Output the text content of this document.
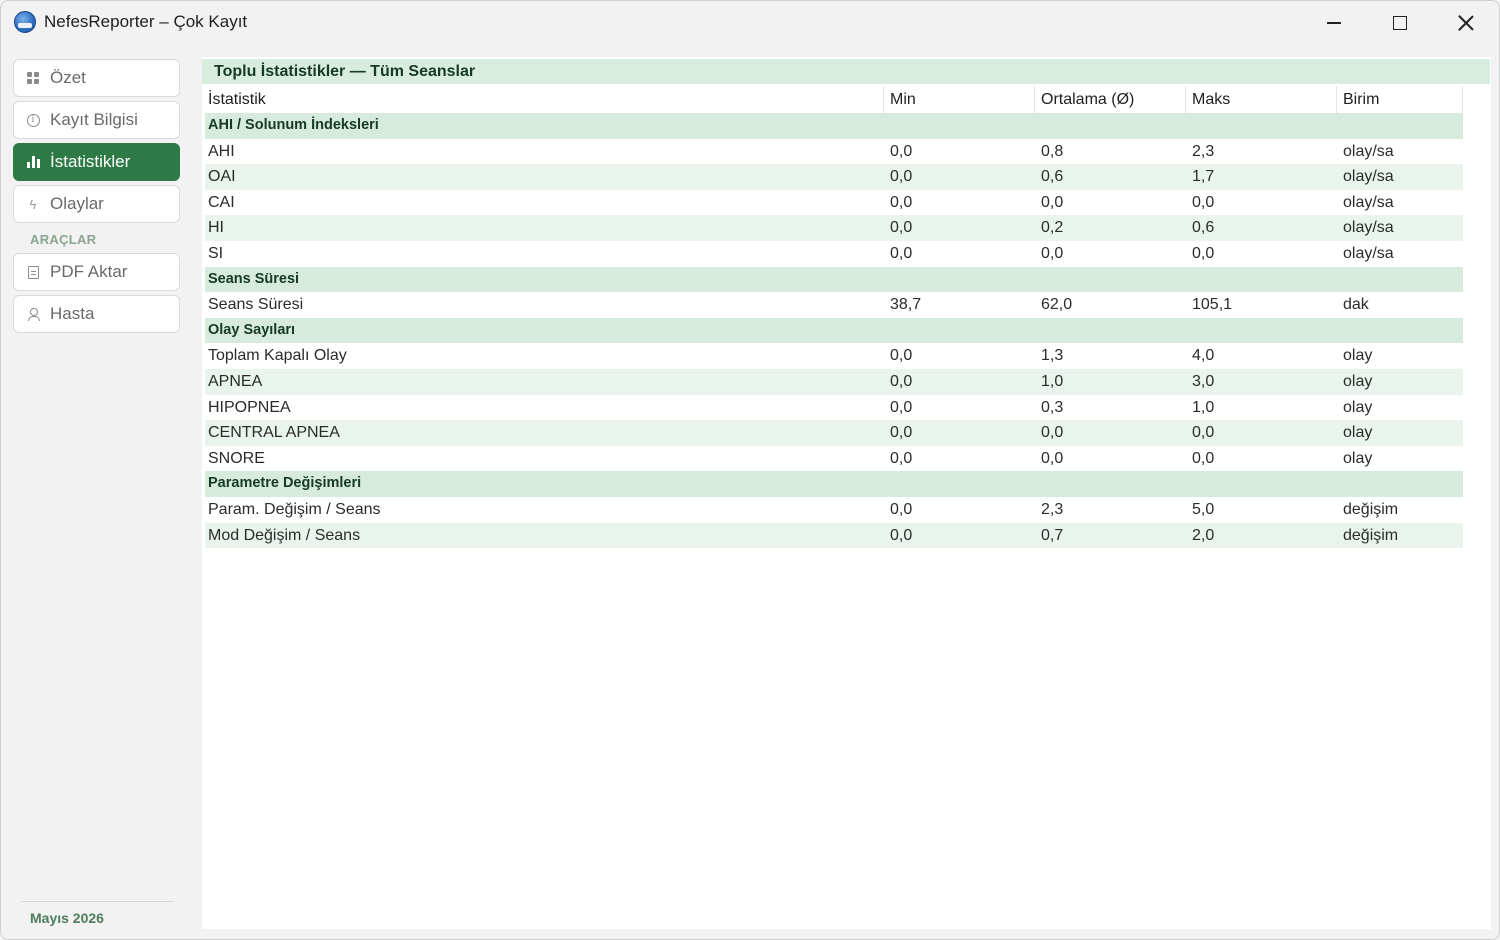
NefesReporter – Çok Kayıt
Özet
i Kayıt Bilgisi
İstatistikler
ϟ Olaylar
ARAÇLAR
PDF Aktar
Hasta
Mayıs 2026
Toplu İstatistikler — Tüm Seanslar
İstatistik	Min	Ortalama (Ø)	Maks	Birim
AHI / Solunum İndeksleri
AHI	0,0	0,8	2,3	olay/sa
OAI	0,0	0,6	1,7	olay/sa
CAI	0,0	0,0	0,0	olay/sa
HI	0,0	0,2	0,6	olay/sa
SI	0,0	0,0	0,0	olay/sa
Seans Süresi
Seans Süresi	38,7	62,0	105,1	dak
Olay Sayıları
Toplam Kapalı Olay	0,0	1,3	4,0	olay
APNEA	0,0	1,0	3,0	olay
HIPOPNEA	0,0	0,3	1,0	olay
CENTRAL APNEA	0,0	0,0	0,0	olay
SNORE	0,0	0,0	0,0	olay
Parametre Değişimleri
Param. Değişim / Seans	0,0	2,3	5,0	değişim
Mod Değişim / Seans	0,0	0,7	2,0	değişim
